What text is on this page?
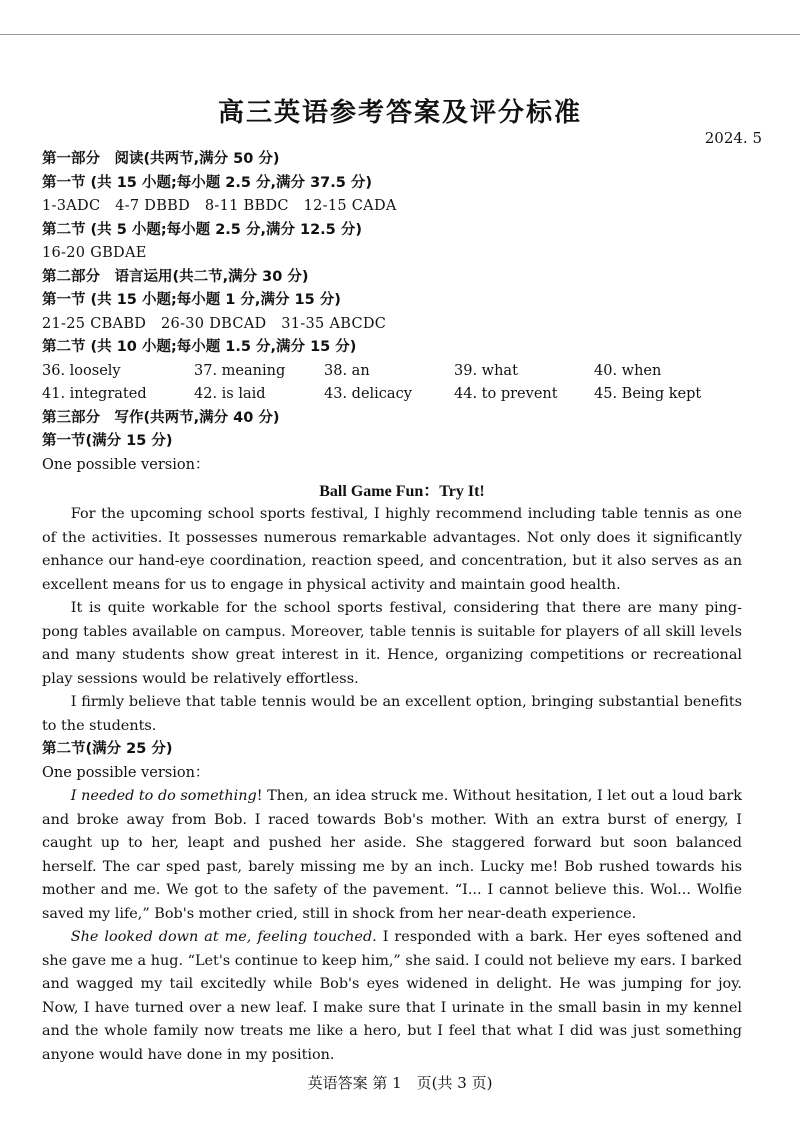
高三英语参考答案及评分标准
2024. 5
第一部分　阅读(共两节,满分 50 分)
第一节 (共 15 小题;每小题 2.5 分,满分 37.5 分)
1-3ADC　4-7 DBBD　8-11 BBDC　12-15 CADA
第二节 (共 5 小题;每小题 2.5 分,满分 12.5 分)
16-20 GBDAE
第二部分　语言运用(共二节,满分 30 分)
第一节 (共 15 小题;每小题 1 分,满分 15 分)
21-25 CBABD　26-30 DBCAD　31-35 ABCDC
第二节 (共 10 小题;每小题 1.5 分,满分 15 分)
36. loosely	37. meaning	38. an	39. what	40. when
41. integrated	42. is laid	43. delicacy	44. to prevent	45. Being kept
第三部分　写作(共两节,满分 40 分)
第一节(满分 15 分)
One possible version：
Ball Game Fun：Try It!

For the upcoming school sports festival, I highly recommend including table tennis as one of the activities. It possesses numerous remarkable advantages. Not only does it significantly enhance our hand-eye coordination, reaction speed, and concentration, but it also serves as an excellent means for us to engage in physical activity and maintain good health.

It is quite workable for the school sports festival, considering that there are many ping-pong tables available on campus. Moreover, table tennis is suitable for players of all skill levels and many students show great interest in it. Hence, organizing competitions or recreational play sessions would be relatively effortless.

I firmly believe that table tennis would be an excellent option, bringing substantial benefits to the students.

第二节(满分 25 分)
One possible version：

I needed to do something! Then, an idea struck me. Without hesitation, I let out a loud bark and broke away from Bob. I raced towards Bob's mother. With an extra burst of energy, I caught up to her, leapt and pushed her aside. She staggered forward but soon balanced herself. The car sped past, barely missing me by an inch. Lucky me! Bob rushed towards his mother and me. We got to the safety of the pavement. “I... I cannot believe this. Wol... Wolfie saved my life,” Bob's mother cried, still in shock from her near-death experience.

She looked down at me, feeling touched. I responded with a bark. Her eyes softened and she gave me a hug. “Let's continue to keep him,” she said. I could not believe my ears. I barked and wagged my tail excitedly while Bob's eyes widened in delight. He was jumping for joy. Now, I have turned over a new leaf. I make sure that I urinate in the small basin in my kennel and the whole family now treats me like a hero, but I feel that what I did was just something anyone would have done in my position.

英语答案 第 1　页(共 3 页)
